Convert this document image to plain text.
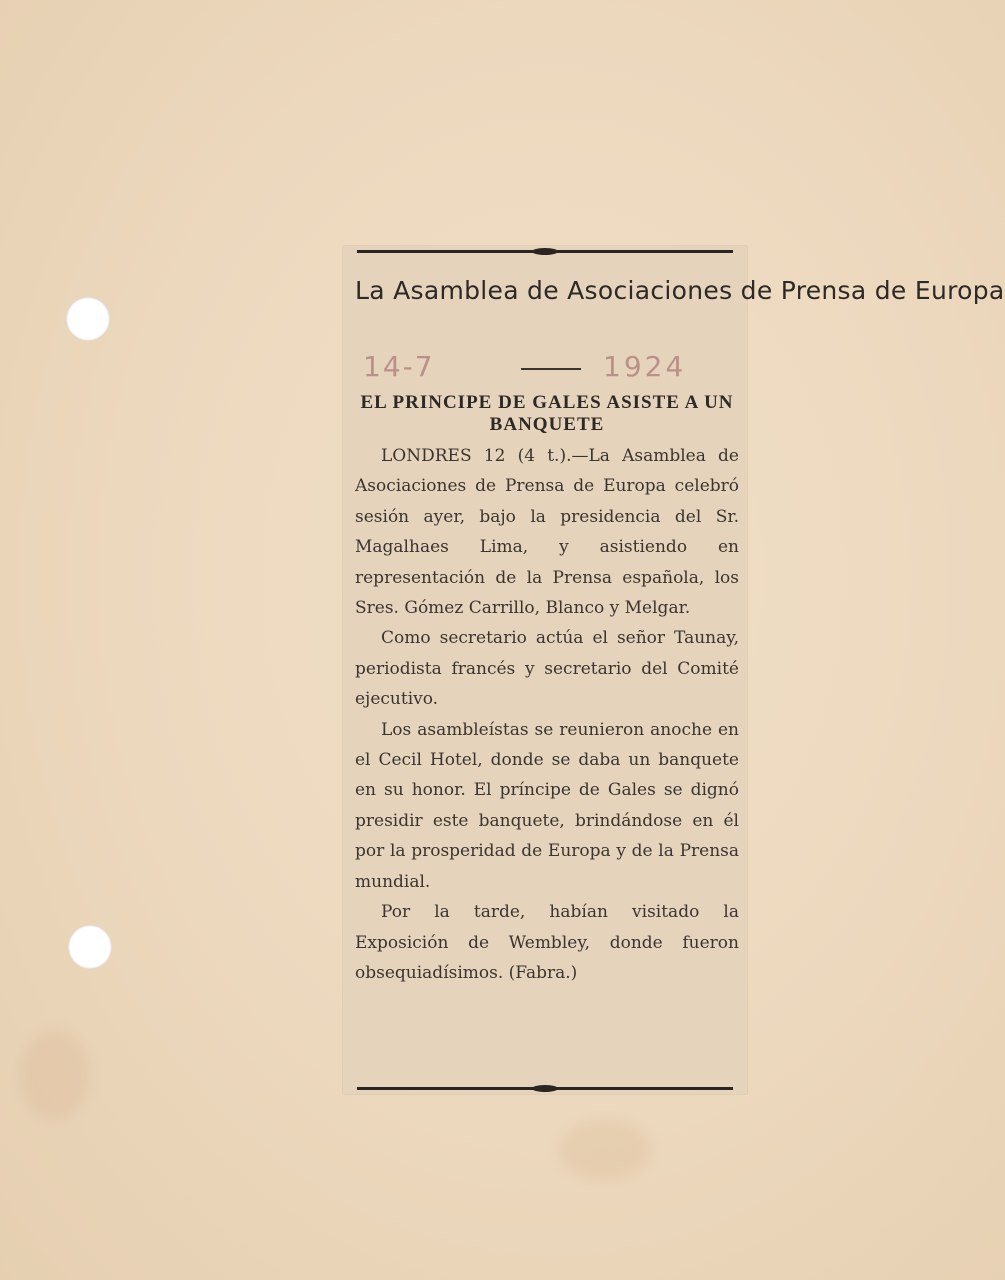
La Asamblea de Asociaciones de Prensa de Europa
14-7	1924
EL PRINCIPE DE GALES ASISTE A UN BANQUETE

LONDRES 12 (4 t.).—La Asamblea de Asociaciones de Prensa de Europa celebró sesión ayer, bajo la presidencia del Sr. Magalhaes Lima, y asistiendo en representación de la Prensa española, los Sres. Gómez Carrillo, Blanco y Melgar.

Como secretario actúa el señor Taunay, periodista francés y secretario del Comité ejecutivo.

Los asambleístas se reunieron anoche en el Cecil Hotel, donde se daba un banquete en su honor. El príncipe de Gales se dignó presidir este banquete, brindándose en él por la prosperidad de Europa y de la Prensa mundial.

Por la tarde, habían visitado la Exposición de Wembley, donde fueron obsequiadísimos. (Fabra.)
